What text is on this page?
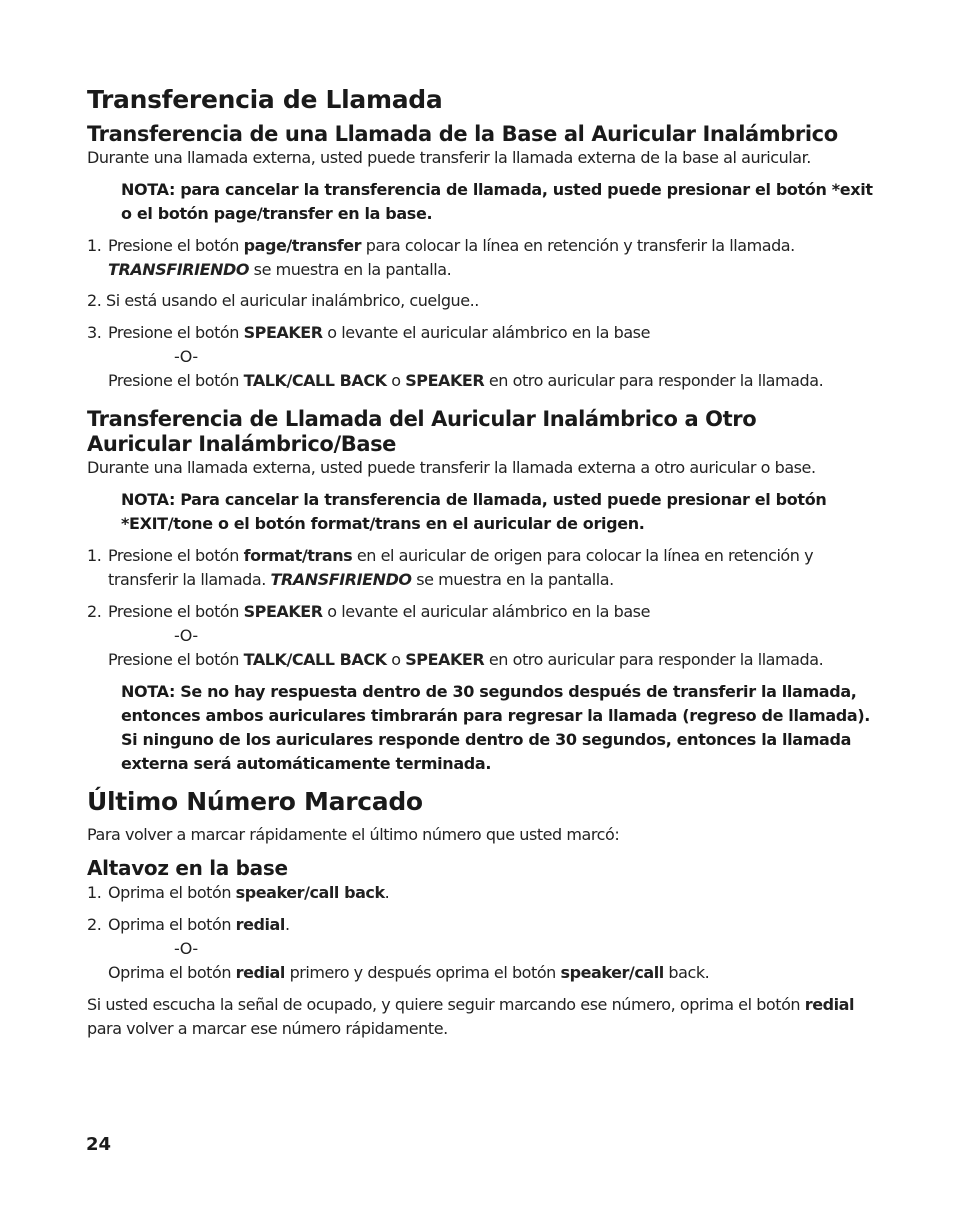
Transferencia de Llamada
Transferencia de una Llamada de la Base al Auricular Inalámbrico

Durante una llamada externa, usted puede transferir la llamada externa de la base al auricular.

NOTA: para cancelar la transferencia de llamada, usted puede presionar el botón *exit o el botón page/transfer en la base.

1. Presione el botón page/transfer para colocar la línea en retención y transferir la llamada.
TRANSFIRIENDO se muestra en la pantalla.

2. Si está usando el auricular inalámbrico, cuelgue..

3. Presione el botón SPEAKER o levante el auricular alámbrico en la base
-O-
Presione el botón TALK/CALL BACK o SPEAKER en otro auricular para responder la llamada.
Transferencia de Llamada del Auricular Inalámbrico a Otro
Auricular Inalámbrico/Base

Durante una llamada externa, usted puede transferir la llamada externa a otro auricular o base.

NOTA: Para cancelar la transferencia de llamada, usted puede presionar el botón *EXIT/tone o el botón format/trans en el auricular de origen.

1. Presione el botón format/trans en el auricular de origen para colocar la línea en retención y transferir la llamada. TRANSFIRIENDO se muestra en la pantalla.
2. Presione el botón SPEAKER o levante el auricular alámbrico en la base
-O-
Presione el botón TALK/CALL BACK o SPEAKER en otro auricular para responder la llamada.

NOTA: Se no hay respuesta dentro de 30 segundos después de transferir la llamada, entonces ambos auriculares timbrarán para regresar la llamada (regreso de llamada). Si ninguno de los auriculares responde dentro de 30 segundos, entonces la llamada externa será automáticamente terminada.

Último Número Marcado

Para volver a marcar rápidamente el último número que usted marcó:

Altavoz en la base
1. Oprima el botón speaker/call back.
2. Oprima el botón redial.
-O-
Oprima el botón redial primero y después oprima el botón speaker/call back.

Si usted escucha la señal de ocupado, y quiere seguir marcando ese número, oprima el botón redial para volver a marcar ese número rápidamente.

24
